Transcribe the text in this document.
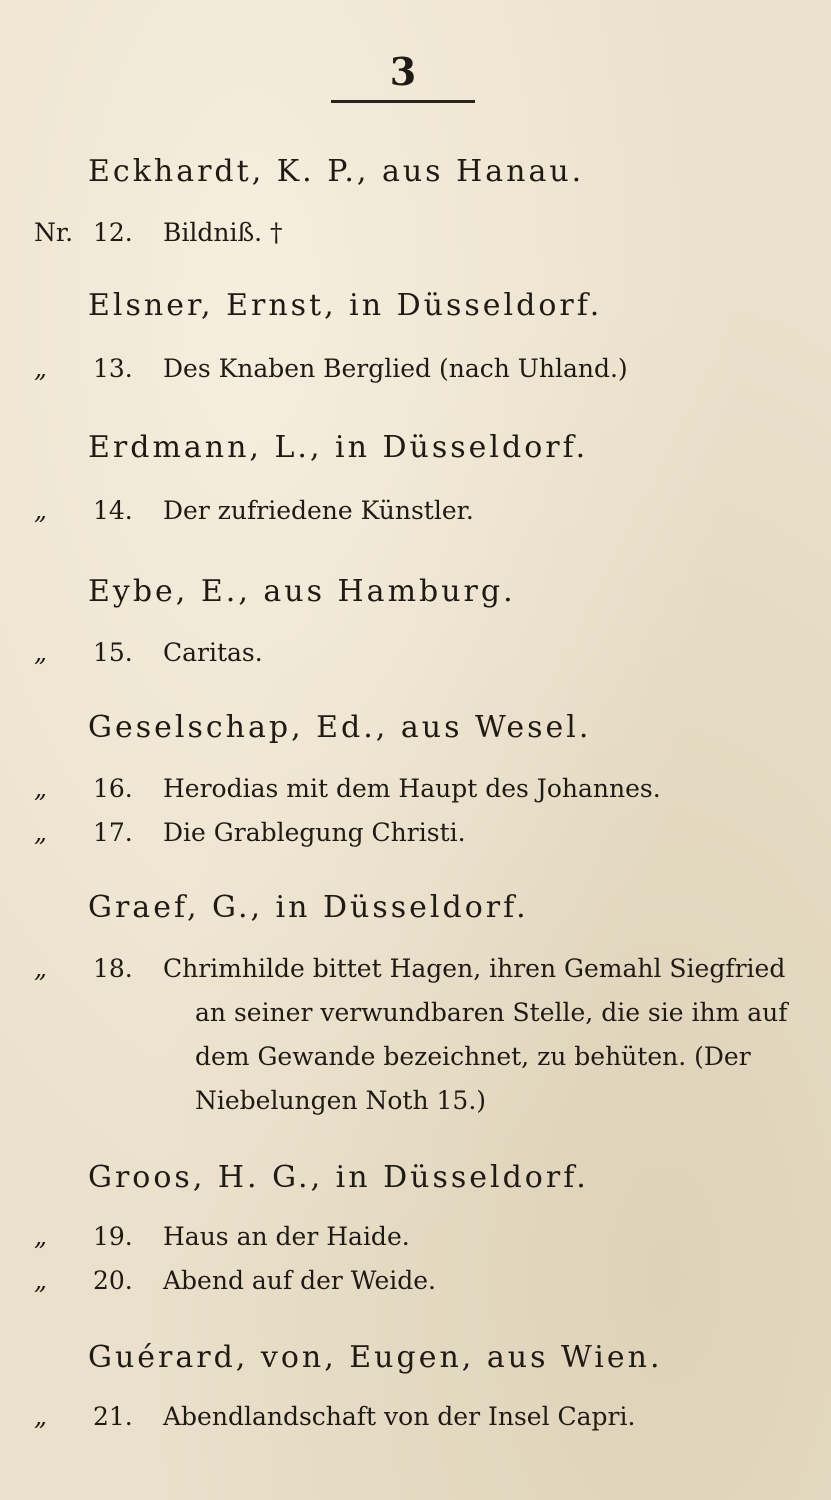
3
Eckhardt, K. P., aus Hanau.
Nr. 12.	Bildniß. †
Elsner, Ernst, in Düsseldorf.
„	13.	Des Knaben Berglied (nach Uhland.)
Erdmann, L., in Düsseldorf.
„	14.	Der zufriedene Künstler.
Eybe, E., aus Hamburg.
„	15.	Caritas.
Geselschap, Ed., aus Wesel.
„	16.	Herodias mit dem Haupt des Johannes.
„	17.	Die Grablegung Christi.
Graef, G., in Düsseldorf.
„	18.	Chrimhilde bittet Hagen, ihren Gemahl Siegfried
an seiner verwundbaren Stelle, die sie ihm auf
dem Gewande bezeichnet, zu behüten. (Der
Niebelungen Noth 15.)
Groos, H. G., in Düsseldorf.
„	19.	Haus an der Haide.
„	20.	Abend auf der Weide.
Guérard, von, Eugen, aus Wien.
„	21.	Abendlandschaft von der Insel Capri.
